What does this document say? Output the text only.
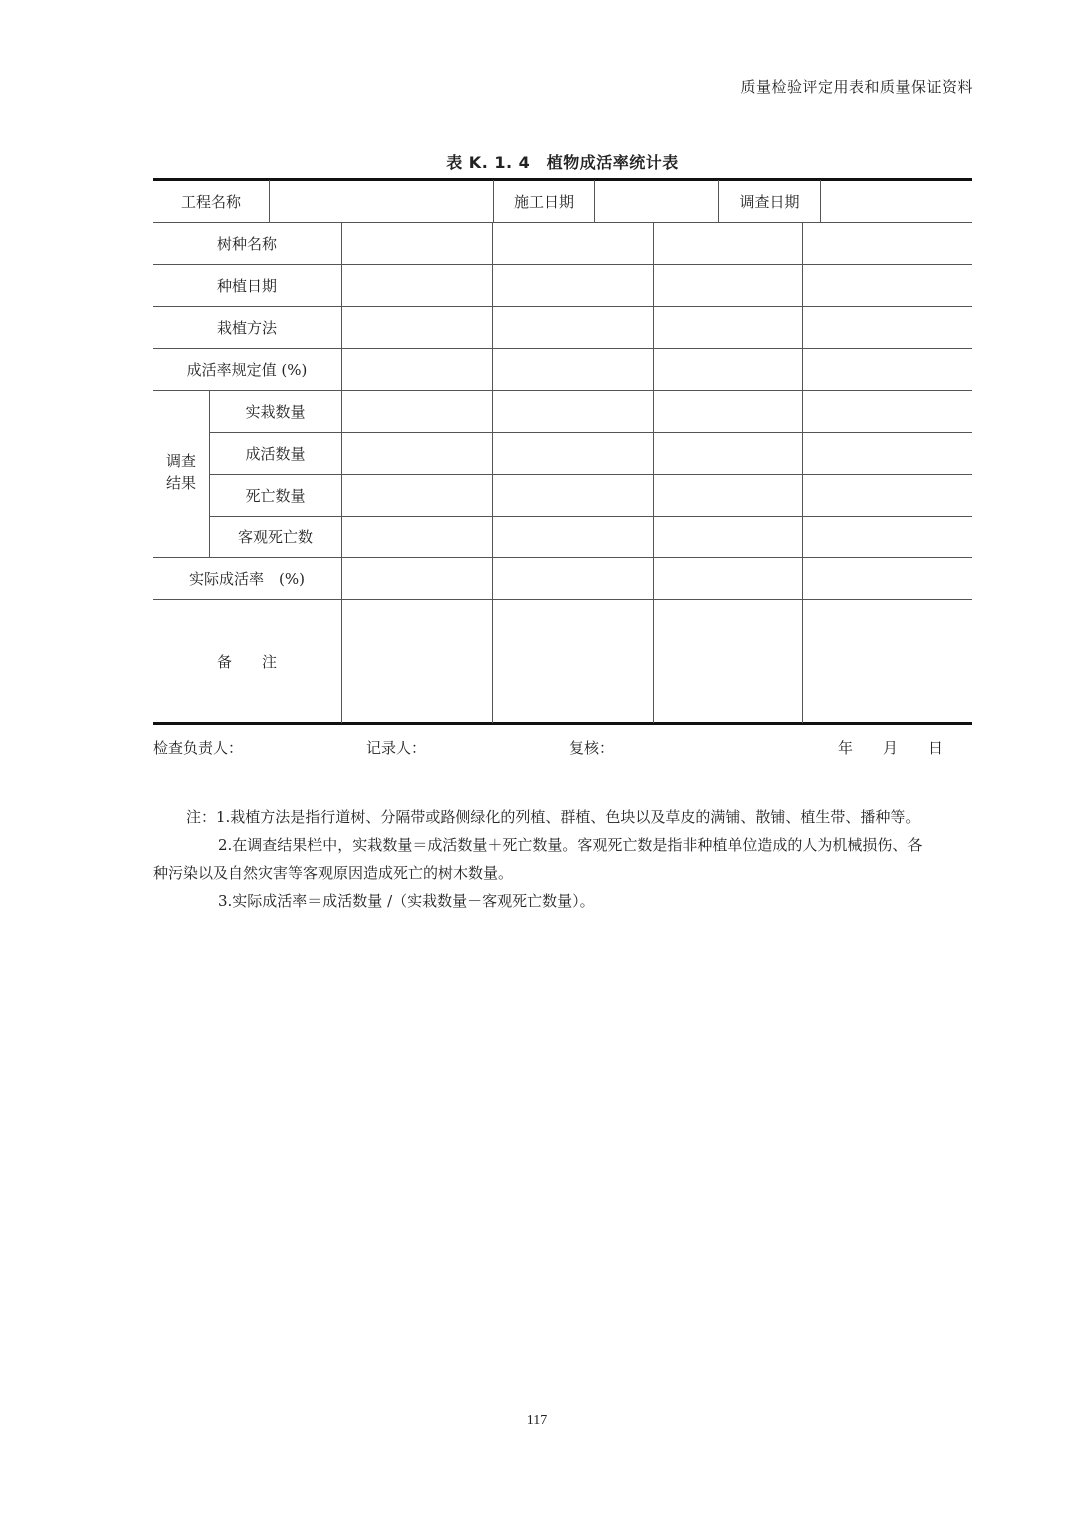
质量检验评定用表和质量保证资料
表 K. 1. 4　植物成活率统计表
工程名称	施工日期	调查日期
树种名称
种植日期
栽植方法
成活率规定值 (%)
调查
结果
实栽数量
成活数量
死亡数量
客观死亡数
实际成活率　(%)
备　　注
检查负责人：	记录人：	复核：	年　　月　　日
注：1.栽植方法是指行道树、分隔带或路侧绿化的列植、群植、色块以及草皮的满铺、散铺、植生带、播种等。
2.在调查结果栏中，实栽数量＝成活数量＋死亡数量。客观死亡数是指非种植单位造成的人为机械损伤、各
种污染以及自然灾害等客观原因造成死亡的树木数量。
3.实际成活率＝成活数量 /（实栽数量－客观死亡数量）。
117
